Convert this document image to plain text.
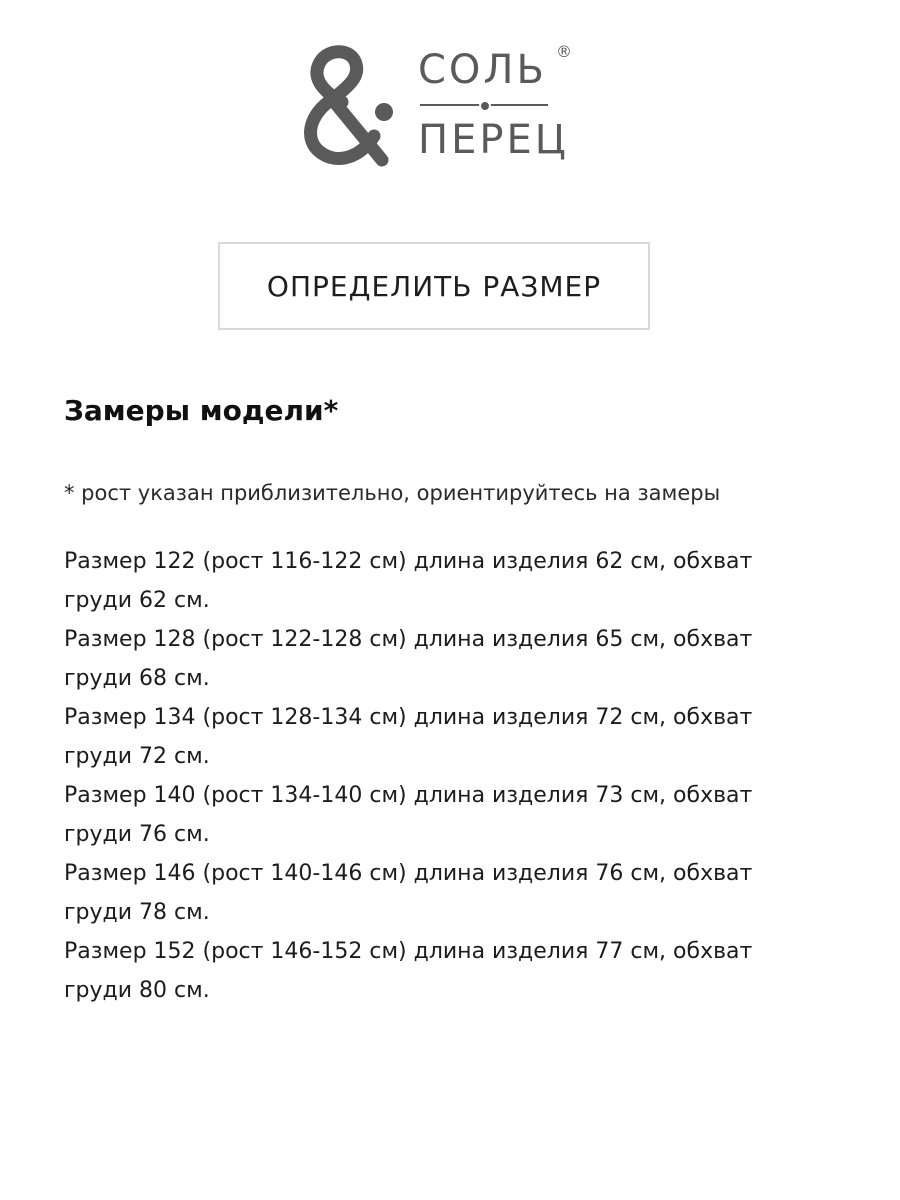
СОЛЬ ®
ПЕРЕЦ
ОПРЕДЕЛИТЬ РАЗМЕР
Замеры модели*
* рост указан приблизительно, ориентируйтесь на замеры
Размер 122 (рост 116-122 см) длина изделия 62 см, обхват груди 62 см.
Размер 128 (рост 122-128 см) длина изделия 65 см, обхват груди 68 см.
Размер 134 (рост 128-134 см) длина изделия 72 см, обхват груди 72 см.
Размер 140 (рост 134-140 см) длина изделия 73 см, обхват груди 76 см.
Размер 146 (рост 140-146 см) длина изделия 76 см, обхват груди 78 см.
Размер 152 (рост 146-152 см) длина изделия 77 см, обхват груди 80 см.
